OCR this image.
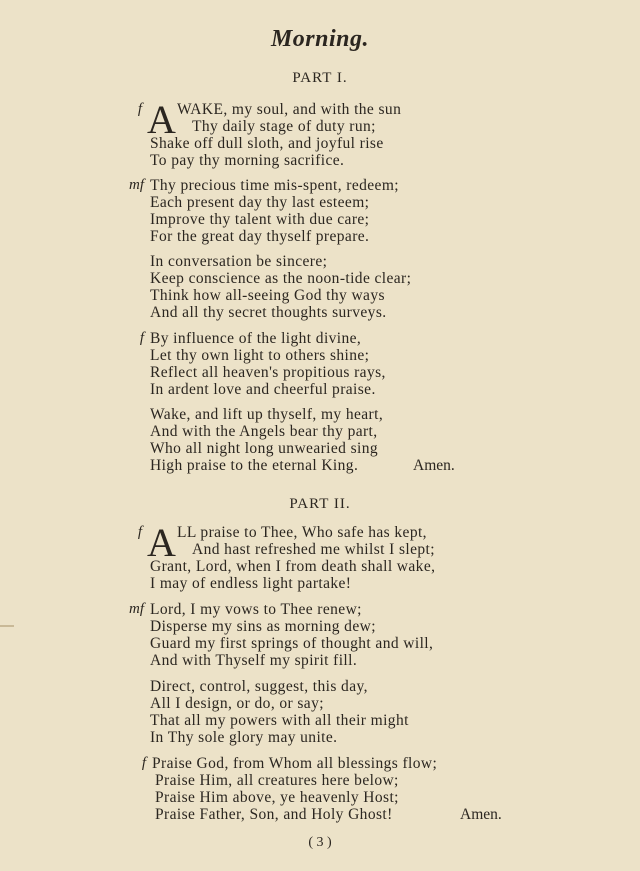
Morning.
PART I.
f A WAKE, my soul, and with the sun
Thy daily stage of duty run;
Shake off dull sloth, and joyful rise
To pay thy morning sacrifice.
mf Thy precious time mis-spent, redeem;
Each present day thy last esteem;
Improve thy talent with due care;
For the great day thyself prepare.
In conversation be sincere;
Keep conscience as the noon-tide clear;
Think how all-seeing God thy ways
And all thy secret thoughts surveys.
f By influence of the light divine,
Let thy own light to others shine;
Reflect all heaven's propitious rays,
In ardent love and cheerful praise.
Wake, and lift up thyself, my heart,
And with the Angels bear thy part,
Who all night long unwearied sing
High praise to the eternal King.	Amen.
PART II.
f A LL praise to Thee, Who safe has kept,
And hast refreshed me whilst I slept;
Grant, Lord, when I from death shall wake,
I may of endless light partake!
mf Lord, I my vows to Thee renew;
Disperse my sins as morning dew;
Guard my first springs of thought and will,
And with Thyself my spirit fill.
Direct, control, suggest, this day,
All I design, or do, or say;
That all my powers with all their might
In Thy sole glory may unite.
f Praise God, from Whom all blessings flow;
Praise Him, all creatures here below;
Praise Him above, ye heavenly Host;
Praise Father, Son, and Holy Ghost!	Amen.
( 3 )
